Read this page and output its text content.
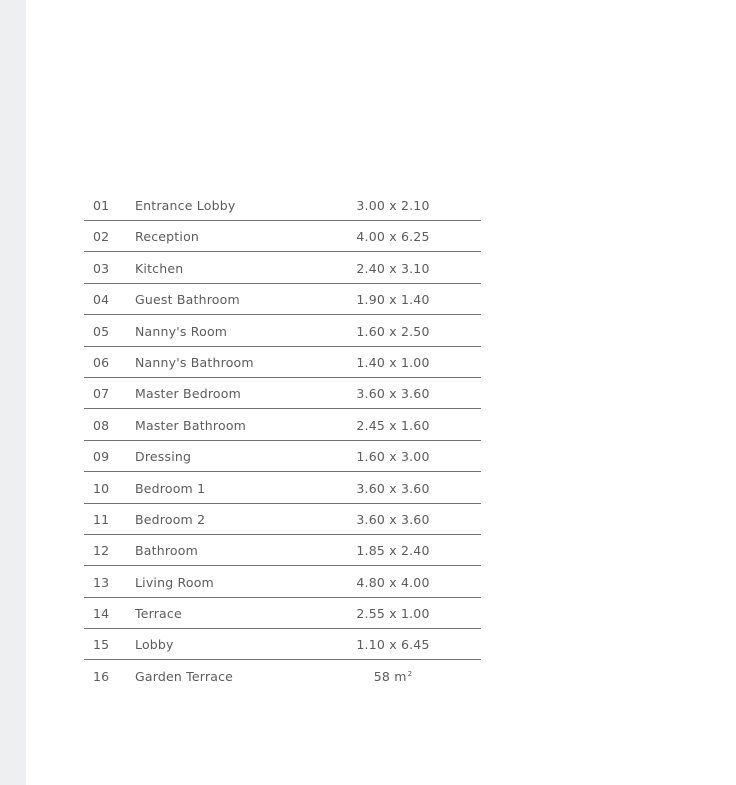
01 Entrance Lobby	3.00 x 2.10
02 Reception	4.00 x 6.25
03 Kitchen	2.40 x 3.10
04 Guest Bathroom	1.90 x 1.40
05 Nanny's Room	1.60 x 2.50
06 Nanny's Bathroom	1.40 x 1.00
07 Master Bedroom	3.60 x 3.60
08 Master Bathroom	2.45 x 1.60
09 Dressing	1.60 x 3.00
10 Bedroom 1	3.60 x 3.60
11 Bedroom 2	3.60 x 3.60
12 Bathroom	1.85 x 2.40
13 Living Room	4.80 x 4.00
14 Terrace	2.55 x 1.00
15 Lobby	1.10 x 6.45
16 Garden Terrace	58 $m^2$
